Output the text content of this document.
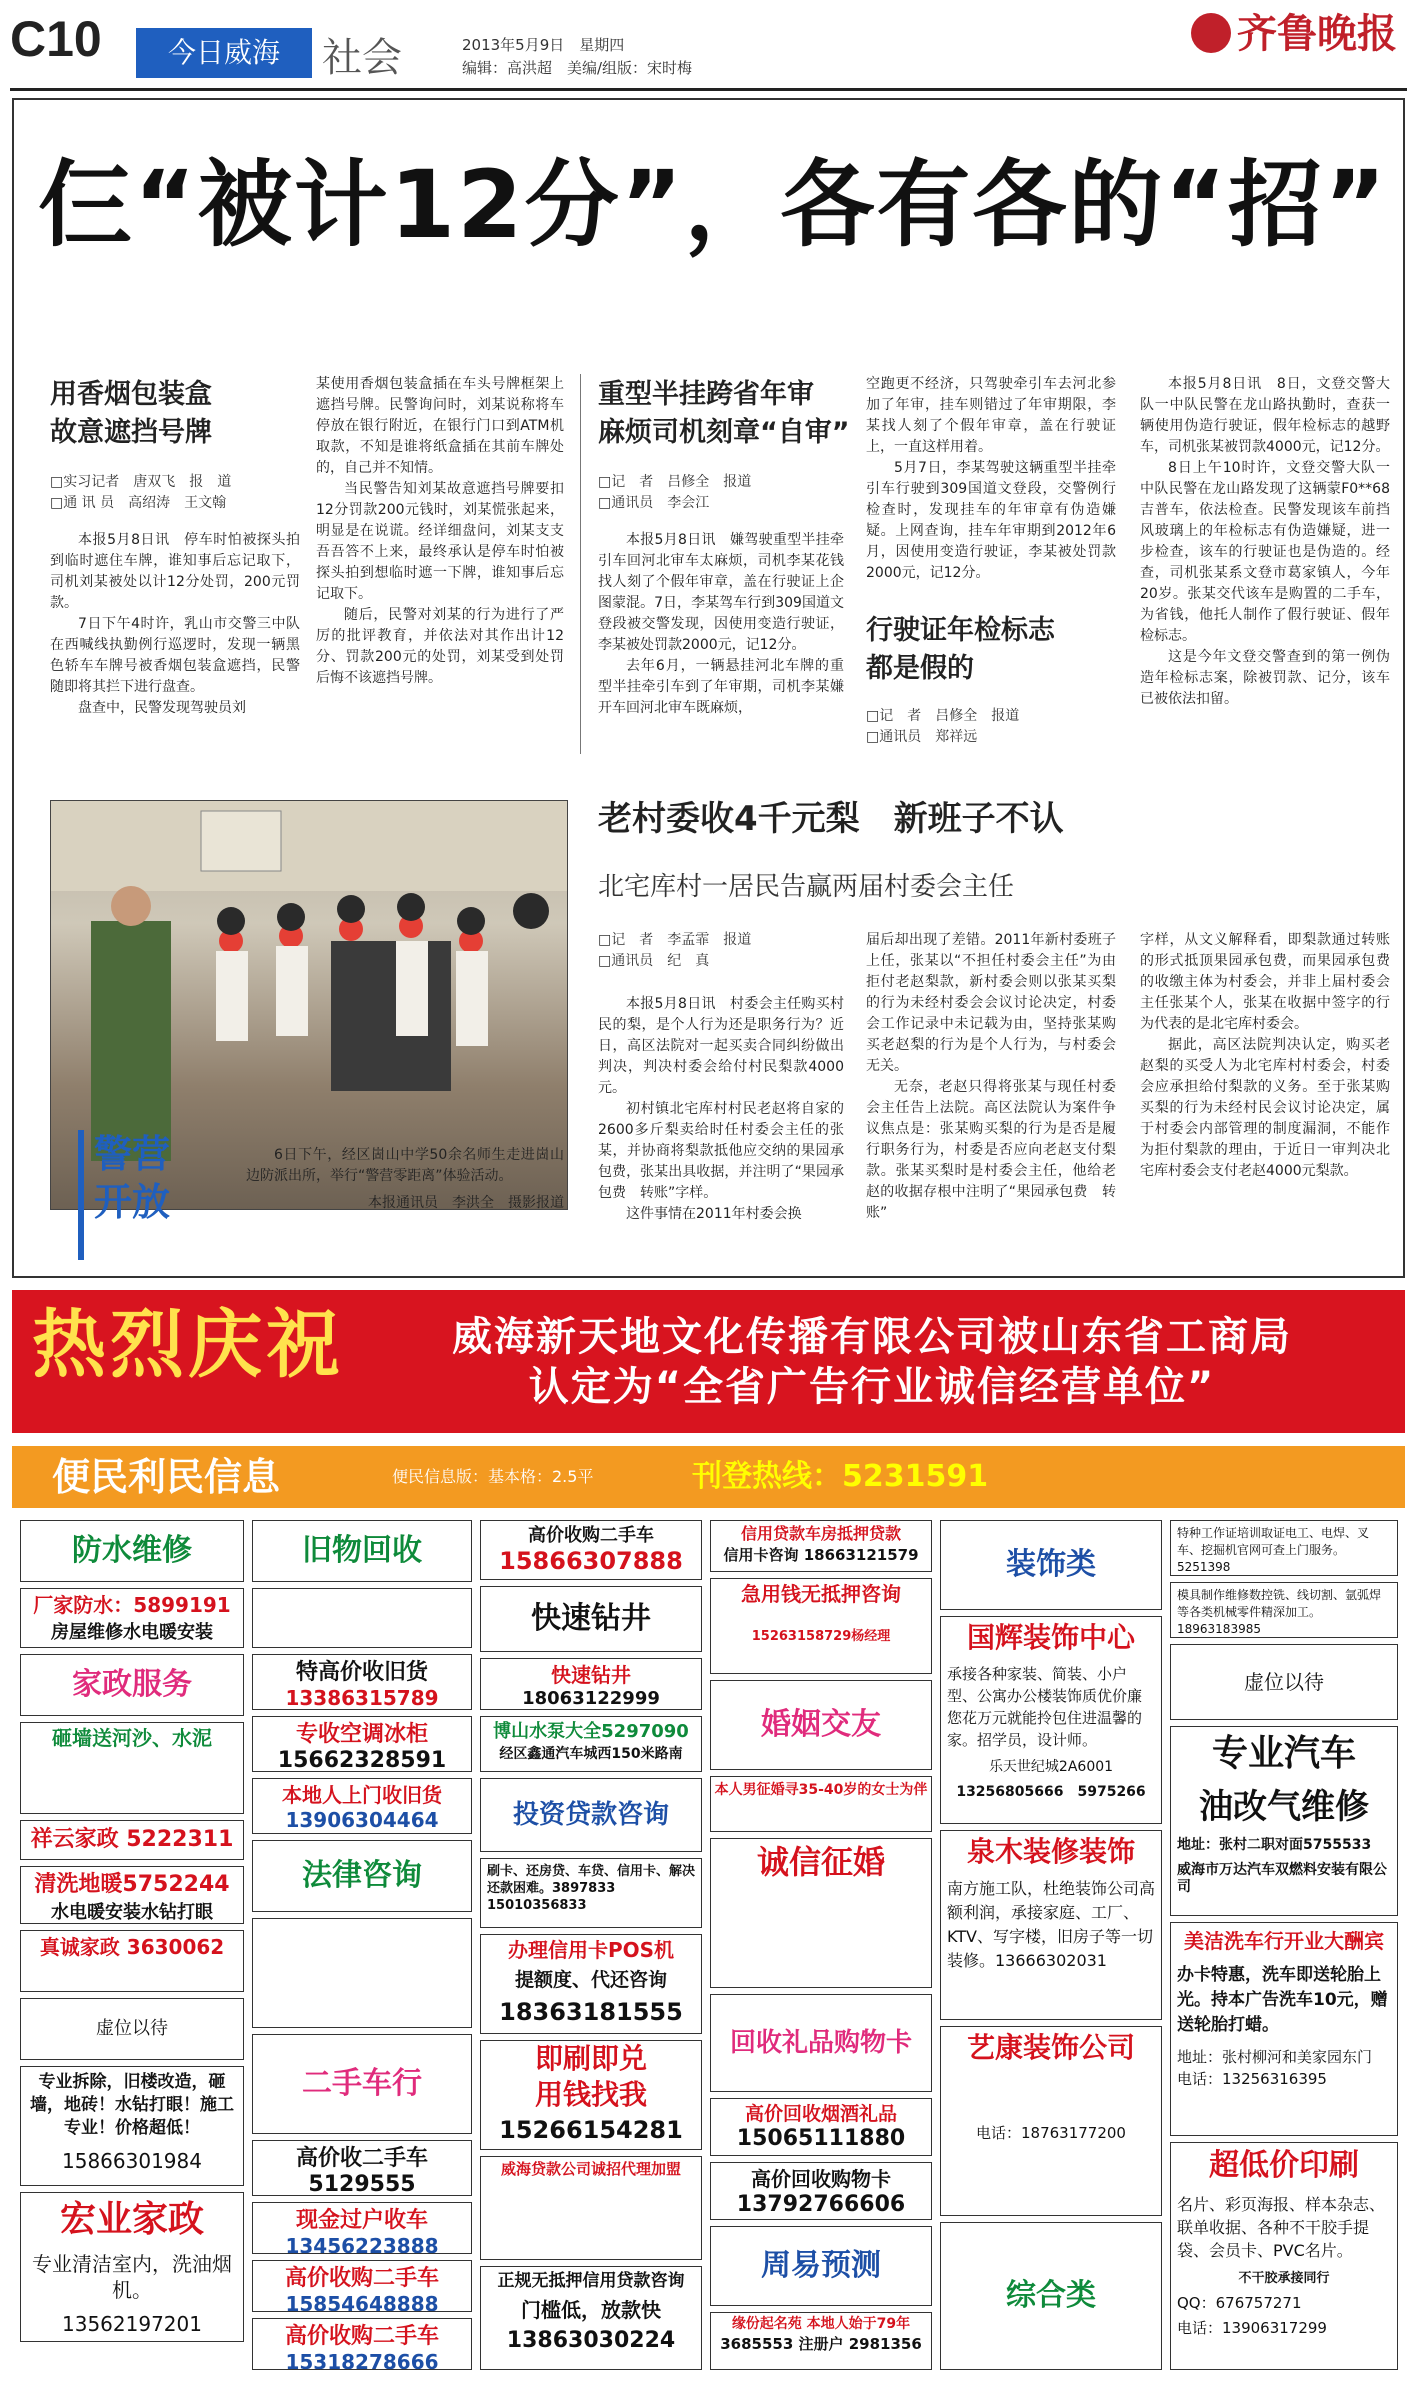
C10	今日威海	社会	2013年5月9日　星期四
编辑：高洪超　美编/组版：宋时梅
齐鲁晚报
仨“被计12分”，各有各的“招”
用香烟包装盒
故意遮挡号牌
□实习记者　唐双飞　报　道
□通 讯 员　高绍涛　王文翰

本报5月8日讯　停车时怕被探头拍到临时遮住车牌，谁知事后忘记取下，司机刘某被处以计12分处罚，200元罚款。

7日下午4时许，乳山市交警三中队在西喊线执勤例行巡逻时，发现一辆黑色轿车车牌号被香烟包装盒遮挡，民警随即将其拦下进行盘查。

盘查中，民警发现驾驶员刘

某使用香烟包装盒插在车头号牌框架上遮挡号牌。民警询问时，刘某说称将车停放在银行附近，在银行门口到ATM机取款，不知是谁将纸盒插在其前车牌处的，自己并不知情。

当民警告知刘某故意遮挡号牌要扣12分罚款200元钱时，刘某慌张起来，明显是在说谎。经详细盘问，刘某支支吾吾答不上来，最终承认是停车时怕被探头拍到想临时遮一下牌，谁知事后忘记取下。

随后，民警对刘某的行为进行了严厉的批评教育，并依法对其作出计12分、罚款200元的处罚，刘某受到处罚后悔不该遮挡号牌。

重型半挂跨省年审
麻烦司机刻章“自审”
□记　者　吕修全　报道
□通讯员　李会江

本报5月8日讯　嫌驾驶重型半挂牵引车回河北审车太麻烦，司机李某花钱找人刻了个假年审章，盖在行驶证上企图蒙混。7日，李某驾车行到309国道文登段被交警发现，因使用变造行驶证，李某被处罚款2000元，记12分。

去年6月，一辆悬挂河北车牌的重型半挂牵引车到了年审期，司机李某嫌开车回河北审车既麻烦，

空跑更不经济，只驾驶牵引车去河北参加了年审，挂车则错过了年审期限，李某找人刻了个假年审章，盖在行驶证上，一直这样用着。

5月7日，李某驾驶这辆重型半挂牵引车行驶到309国道文登段，交警例行检查时，发现挂车的年审章有伪造嫌疑。上网查询，挂车年审期到2012年6月，因使用变造行驶证，李某被处罚款2000元，记12分。

行驶证年检标志
都是假的
□记　者　吕修全　报道
□通讯员　郑祥远

本报5月8日讯　8日，文登交警大队一中队民警在龙山路执勤时，查获一辆使用伪造行驶证，假年检标志的越野车，司机张某被罚款4000元，记12分。

8日上午10时许，文登交警大队一中队民警在龙山路发现了这辆蒙F0**68吉普车，依法检查。民警发现该车前挡风玻璃上的年检标志有伪造嫌疑，进一步检查，该车的行驶证也是伪造的。经查，司机张某系文登市葛家镇人，今年20岁。张某交代该车是购置的二手车，为省钱，他托人制作了假行驶证、假年检标志。

这是今年文登交警查到的第一例伪造年检标志案，除被罚款、记分，该车已被依法扣留。

警营
开放

6日下午，经区崮山中学50余名师生走进崮山边防派出所，举行“警营零距离”体验活动。

本报通讯员　李洪全　摄影报道

老村委收4千元梨　新班子不认
北宅库村一居民告赢两届村委会主任
□记　者　李孟霏　报道
□通讯员　纪　真

本报5月8日讯　村委会主任购买村民的梨，是个人行为还是职务行为？近日，高区法院对一起买卖合同纠纷做出判决，判决村委会给付村民梨款4000元。

初村镇北宅库村村民老赵将自家的2600多斤梨卖给时任村委会主任的张某，并协商将梨款抵他应交纳的果园承包费，张某出具收据，并注明了“果园承包费　转账”字样。

这件事情在2011年村委会换

届后却出现了差错。2011年新村委班子上任，张某以“不担任村委会主任”为由拒付老赵梨款，新村委会则以张某买梨的行为未经村委会会议讨论决定，村委会工作记录中未记载为由，坚持张某购买老赵梨的行为是个人行为，与村委会无关。

无奈，老赵只得将张某与现任村委会主任告上法院。高区法院认为案件争议焦点是：张某购买梨的行为是否是履行职务行为，村委是否应向老赵支付梨款。张某买梨时是村委会主任，他给老赵的收据存根中注明了“果园承包费　转账”

字样，从文义解释看，即梨款通过转账的形式抵顶果园承包费，而果园承包费的收缴主体为村委会，并非上届村委会主任张某个人，张某在收据中签字的行为代表的是北宅库村委会。

据此，高区法院判决认定，购买老赵梨的买受人为北宅库村村委会，村委会应承担给付梨款的义务。至于张某购买梨的行为未经村民会议讨论决定，属于村委会内部管理的制度漏洞，不能作为拒付梨款的理由，于近日一审判决北宅库村委会支付老赵4000元梨款。

热烈庆祝	威海新天地文化传播有限公司被山东省工商局
认定为“全省广告行业诚信经营单位”
便民利民信息	便民信息版：基本格：2.5平	刊登热线：5231591
防水维修
厂家防水：5899191
房屋维修水电暖安装
家政服务
砸墙送河沙、水泥
祥云家政 5222311
清洗地暖5752244
水电暖安装水钻打眼
真诚家政 3630062
虚位以待
专业拆除，旧楼改造，砸墙，地砖！水钻打眼！施工专业！价格超低！
15866301984
宏业家政
专业清洁室内，洗油烟机。
13562197201
旧物回收
特高价收旧货
13386315789
专收空调冰柜
15662328591
本地人上门收旧货
13906304464
法律咨询
二手车行
高价收二手车
5129555
现金过户收车
13456223888
高价收购二手车
15854648888
高价收购二手车
15318278666
高价收购二手车
15866307888
快速钻井
快速钻井
18063122999
博山水泵大全5297090
经区鑫通汽车城西150米路南
投资贷款咨询
刷卡、还房贷、车贷、信用卡、解决还款困难。3897833 15010356833
办理信用卡POS机
提额度、代还咨询
18363181555
即刷即兑
用钱找我
15266154281
威海贷款公司诚招代理加盟
正规无抵押信用贷款咨询
门槛低，放款快
13863030224
信用贷款车房抵押贷款
信用卡咨询 18663121579
急用钱无抵押咨询
15263158729杨经理
婚姻交友
本人男征婚寻35-40岁的女士为伴
诚信征婚
回收礼品购物卡
高价回收烟酒礼品
15065111880
高价回收购物卡
13792766606
周易预测
缘份起名苑 本地人始于79年
3685553 注册户 2981356
装饰类
国辉装饰中心
承接各种家装、简装、小户型、公寓办公楼装饰质优价廉您花万元就能拎包住进温馨的家。招学员，设计师。
乐天世纪城2A6001
13256805666　5975266
泉木装修装饰
南方施工队，杜绝装饰公司高额利润，承接家庭、工厂、KTV、写字楼，旧房子等一切装修。13666302031
艺康装饰公司
电话：18763177200
综合类
特种工作证培训取证电工、电焊、叉车、挖掘机官网可查上门服务。5251398
模具制作维修数控铣、线切割、氩弧焊等各类机械零件精深加工。18963183985
虚位以待
专业汽车
油改气维修
地址：张村二职对面5755533
威海市万达汽车双燃料安装有限公司
美洁洗车行开业大酬宾
办卡特惠，洗车即送轮胎上光。持本广告洗车10元，赠送轮胎打蜡。
地址：张村柳河和美家园东门　电话：13256316395
超低价印刷
名片、彩页海报、样本杂志、联单收据、各种不干胶手提袋、会员卡、PVC名片。
不干胶承接同行
QQ：676757271
电话：13906317299
